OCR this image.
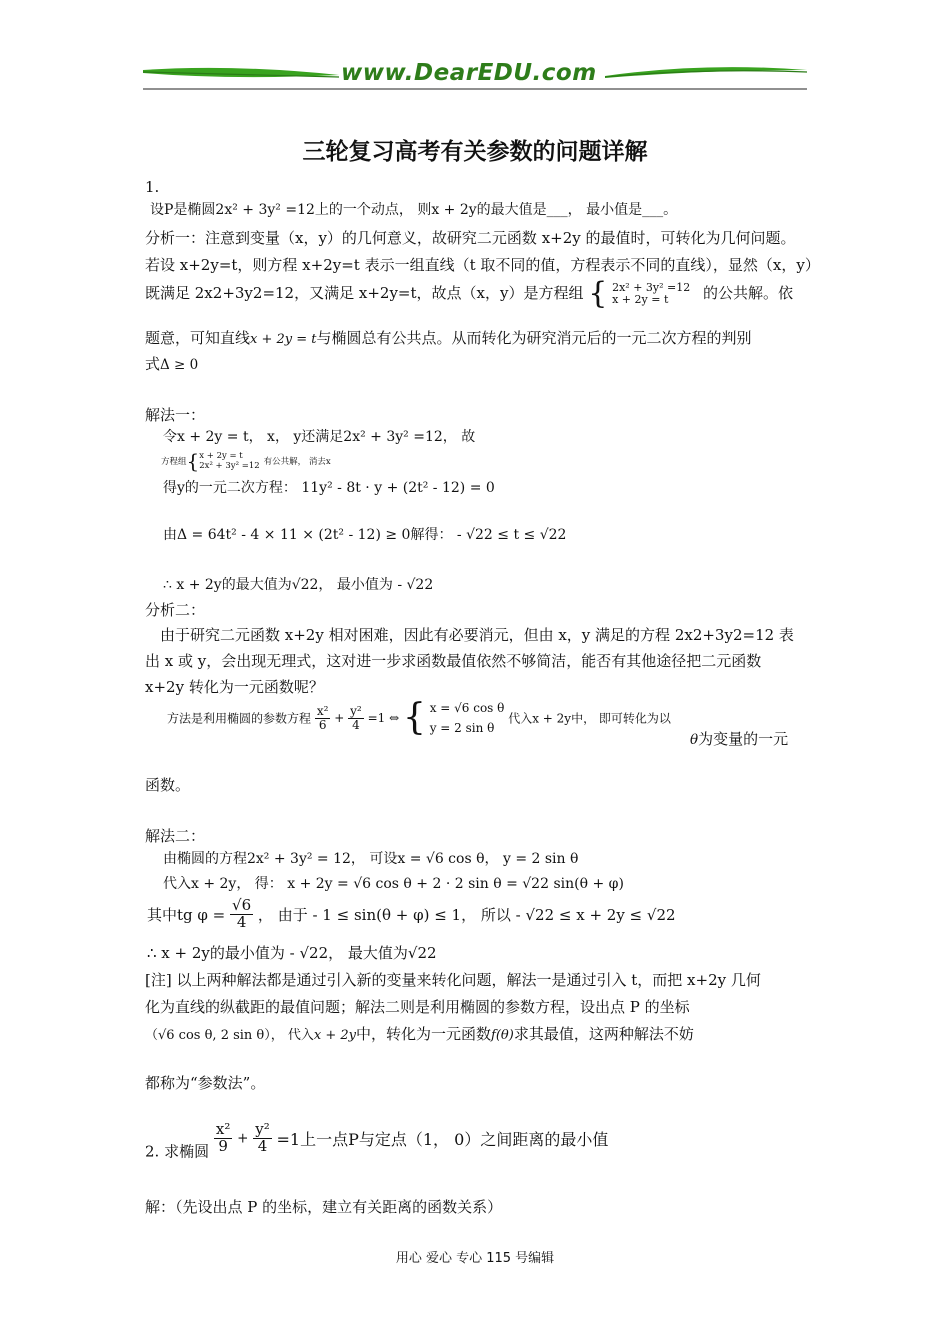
www.DearEDU.com
三轮复习高考有关参数的问题详解
1.
设P是椭圆2x² + 3y² =12上的一个动点， 则x + 2y的最大值是___， 最小值是___。
分析一：注意到变量（x，y）的几何意义，故研究二元函数 x+2y 的最值时，可转化为几何问题。
若设 x+2y=t，则方程 x+2y=t 表示一组直线（t 取不同的值，方程表示不同的直线），显然（x，y）
既满足 2x2+3y2=12，又满足 x+2y=t，故点（x，y）是方程组 { 2x² + 3y² =12
x + 2y = t	的公共解。依
题意，可知直线x + 2y = t与椭圆总有公共点。从而转化为研究消元后的一元二次方程的判别
式Δ ≥ 0
解法一：
令x + 2y = t， x， y还满足2x² + 3y² =12， 故
方程组{ x + 2y = t
2x² + 3y² =12 有公共解， 消去x
得y的一元二次方程： 11y² - 8t · y + (2t² - 12) = 0
由Δ = 64t² - 4 × 11 × (2t² - 12) ≥ 0解得： - √22 ≤ t ≤ √22
∴ x + 2y的最大值为√22， 最小值为 - √22
分析二：
由于研究二元函数 x+2y 相对困难，因此有必要消元，但由 x，y 满足的方程 2x2+3y2=12 表
出 x 或 y，会出现无理式，这对进一步求函数最值依然不够简洁，能否有其他途径把二元函数
x+2y 转化为一元函数呢？
方法是利用椭圆的参数方程 $\frac{\text{x²}}{6} + \frac{\text{y²}}{4} =1$ ⇔ { x = √6 cos θ
y = 2 sin θ
代入x + 2y中， 即可转化为以
θ为变量的一元
函数。
解法二：
由椭圆的方程2x² + 3y² = 12， 可设x = √6 cos θ， y = 2 sin θ
代入x + 2y， 得： x + 2y = √6 cos θ + 2 · 2 sin θ = √22 sin(θ + φ)
其中tg $\varphi = \frac{√6}{4}$ ， 由于 - 1 ≤ sin(θ + φ) ≤ 1， 所以 - √22 ≤ x + 2y ≤ √22
∴ x + 2y的最小值为 - √22， 最大值为√22
[注] 以上两种解法都是通过引入新的变量来转化问题，解法一是通过引入 t，而把 x+2y 几何
化为直线的纵截距的最值问题；解法二则是利用椭圆的参数方程，设出点 P 的坐标
（√6 cos θ, 2 sin θ）， 代入x + 2y中，转化为一元函数f(θ)求其最值，这两种解法不妨
都称为“参数法”。
2. 求椭圆 $\frac{\text{x²}}{9} + \frac{\text{y²}}{4} =1$上一点P与定点（1， 0）之间距离的最小值
解：（先设出点 P 的坐标，建立有关距离的函数关系）
用心 爱心 专心 115 号编辑
